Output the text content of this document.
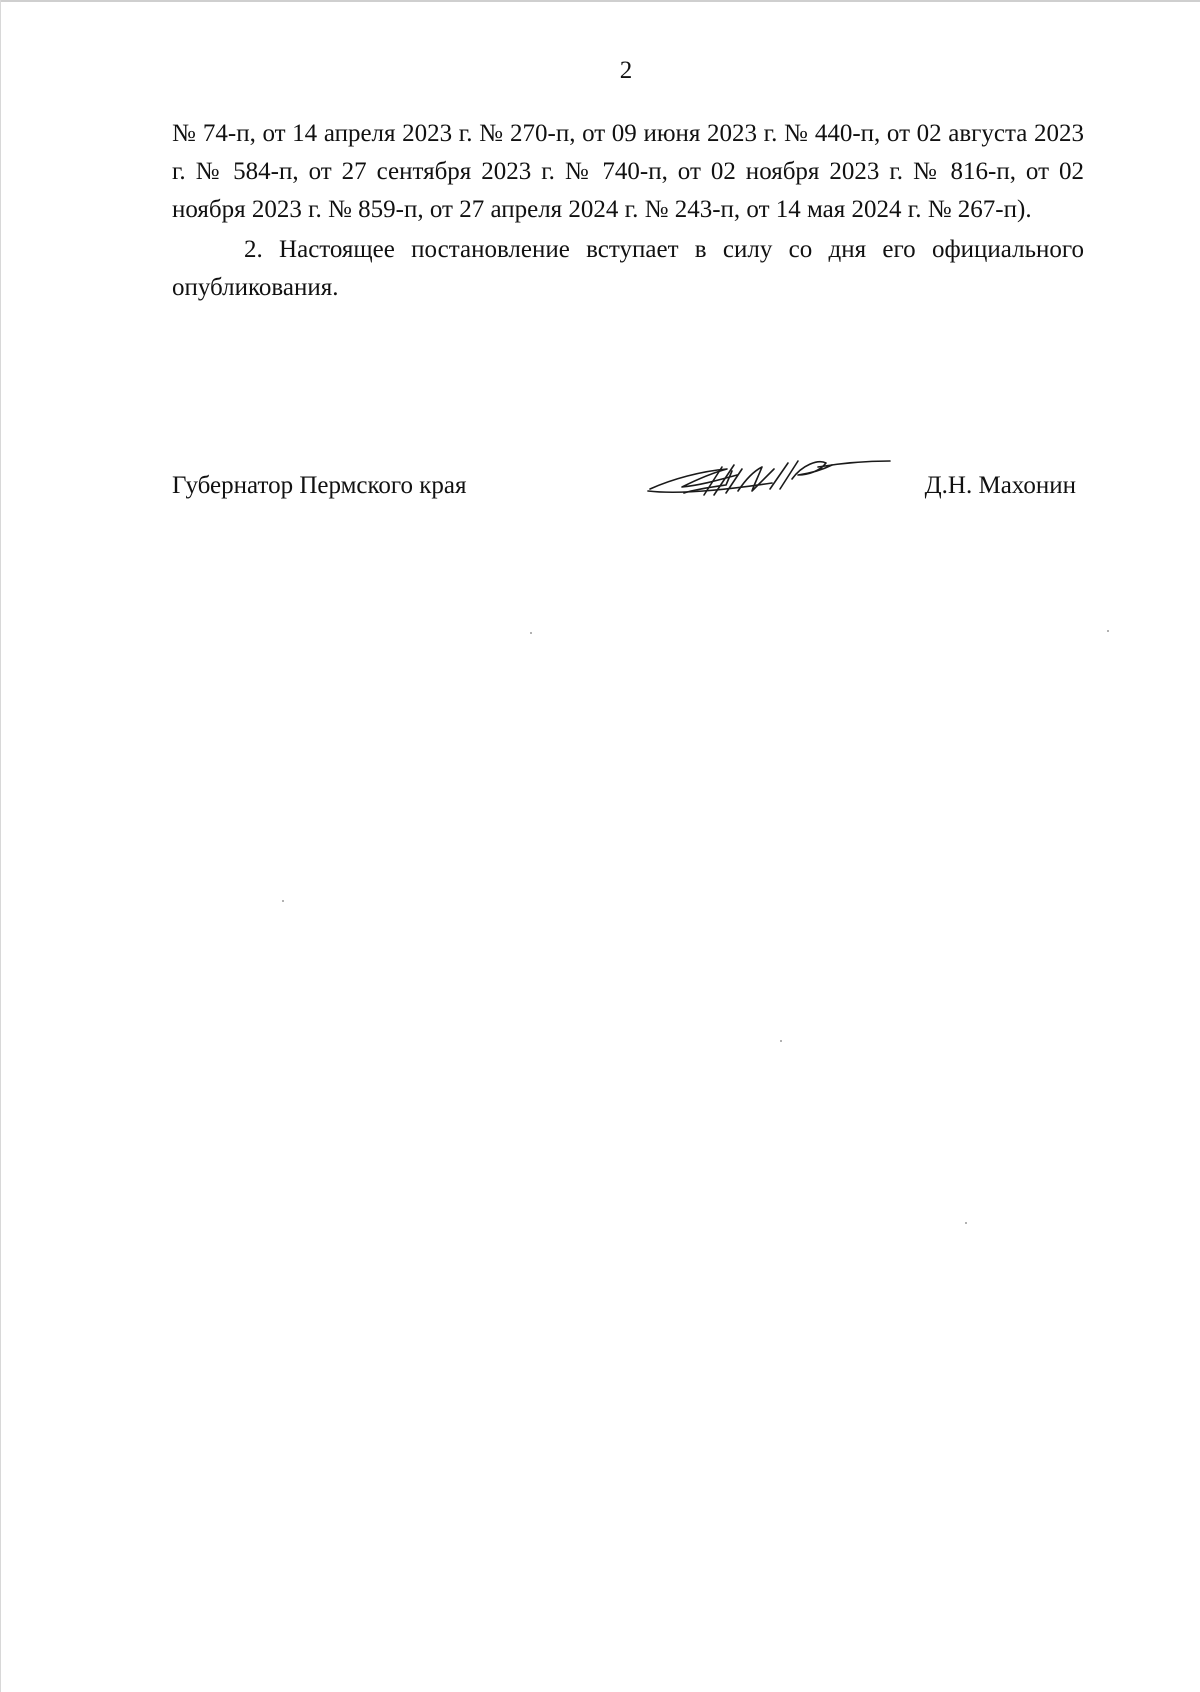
2

№ 74-п, от 14 апреля 2023 г. № 270-п, от 09 июня 2023 г. № 440-п, от 02 августа 2023 г. № 584-п, от 27 сентября 2023 г. № 740-п, от 02 ноября 2023 г. № 816-п, от 02 ноября 2023 г. № 859-п, от 27 апреля 2024 г. № 243-п, от 14 мая 2024 г. № 267-п).

2. Настоящее постановление вступает в силу со дня его официального опубликования.

Губернатор Пермского края	Д.Н. Махонин
